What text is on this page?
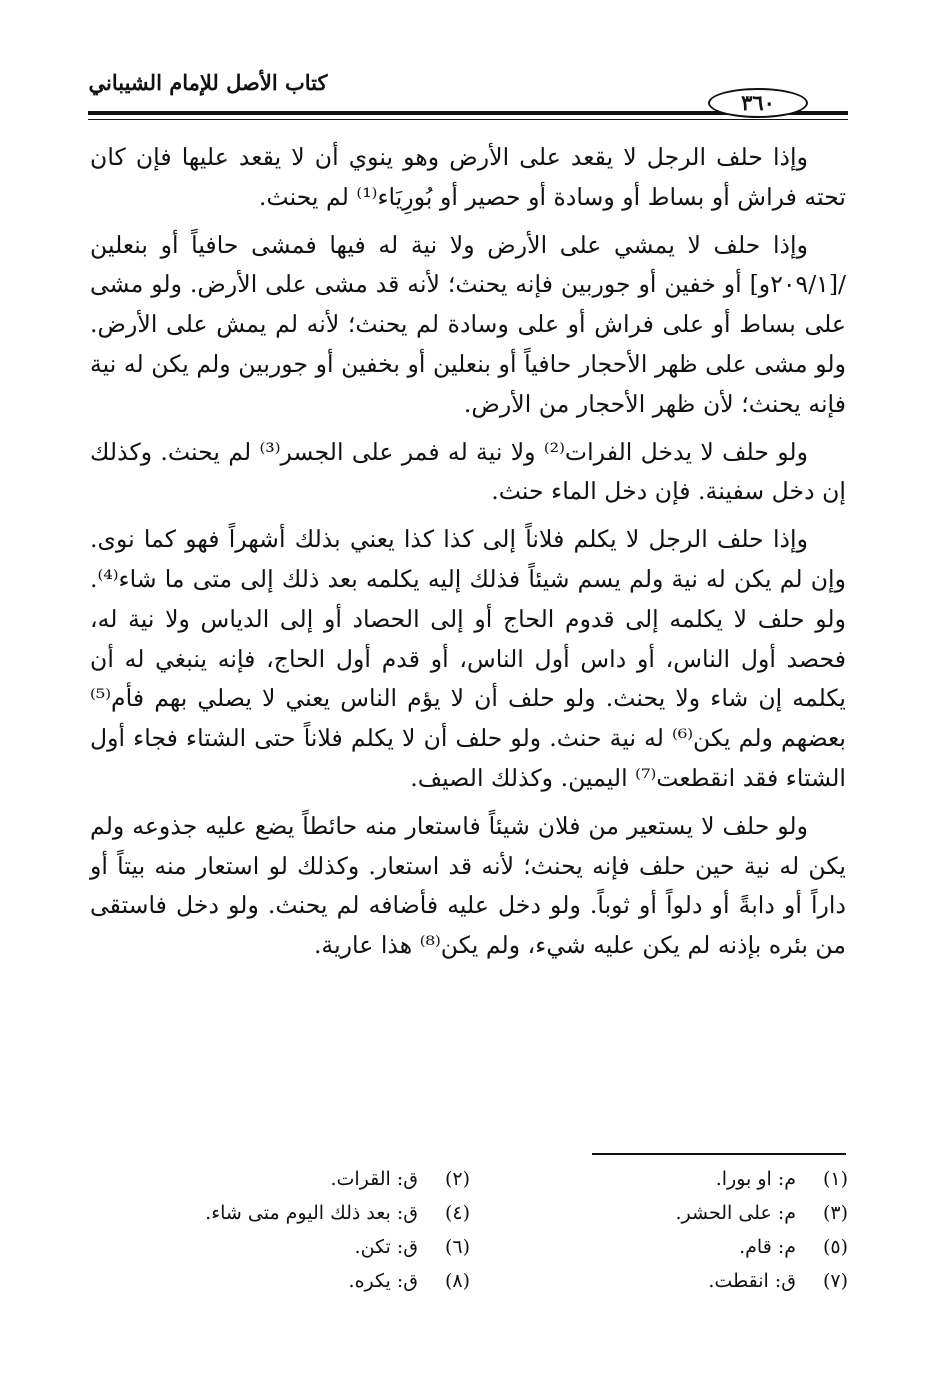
كتاب الأصل للإمام الشيباني
٣٦٠

وإذا حلف الرجل لا يقعد على الأرض وهو ينوي أن لا يقعد عليها فإن كان تحته فراش أو بساط أو وسادة أو حصير أو بُورِيَاء⁽¹⁾ لم يحنث.

وإذا حلف لا يمشي على الأرض ولا نية له فيها فمشى حافياً أو بنعلين /[٢٠٩/١و] أو خفين أو جوربين فإنه يحنث؛ لأنه قد مشى على الأرض. ولو مشى على بساط أو على فراش أو على وسادة لم يحنث؛ لأنه لم يمش على الأرض. ولو مشى على ظهر الأحجار حافياً أو بنعلين أو بخفين أو جوربين ولم يكن له نية فإنه يحنث؛ لأن ظهر الأحجار من الأرض.

ولو حلف لا يدخل الفرات⁽²⁾ ولا نية له فمر على الجسر⁽³⁾ لم يحنث. وكذلك إن دخل سفينة. فإن دخل الماء حنث.

وإذا حلف الرجل لا يكلم فلاناً إلى كذا كذا يعني بذلك أشهراً فهو كما نوى. وإن لم يكن له نية ولم يسم شيئاً فذلك إليه يكلمه بعد ذلك إلى متى ما شاء⁽⁴⁾. ولو حلف لا يكلمه إلى قدوم الحاج أو إلى الحصاد أو إلى الدياس ولا نية له، فحصد أول الناس، أو داس أول الناس، أو قدم أول الحاج، فإنه ينبغي له أن يكلمه إن شاء ولا يحنث. ولو حلف أن لا يؤم الناس يعني لا يصلي بهم فأم⁽⁵⁾ بعضهم ولم يكن⁽⁶⁾ له نية حنث. ولو حلف أن لا يكلم فلاناً حتى الشتاء فجاء أول الشتاء فقد انقطعت⁽⁷⁾ اليمين. وكذلك الصيف.

ولو حلف لا يستعير من فلان شيئاً فاستعار منه حائطاً يضع عليه جذوعه ولم يكن له نية حين حلف فإنه يحنث؛ لأنه قد استعار. وكذلك لو استعار منه بيتاً أو داراً أو دابةً أو دلواً أو ثوباً. ولو دخل عليه فأضافه لم يحنث. ولو دخل فاستقى من بئره بإذنه لم يكن عليه شيء، ولم يكن⁽⁸⁾ هذا عارية.

(١)
م: او بورا.
(٣)
م: على الحشر.
(٥)
م: قام.
(٧)
ق: انقطت.
(٢)
ق: القرات.
(٤)
ق: بعد ذلك اليوم متى شاء.
(٦)
ق: تكن.
(٨)
ق: يكره.
